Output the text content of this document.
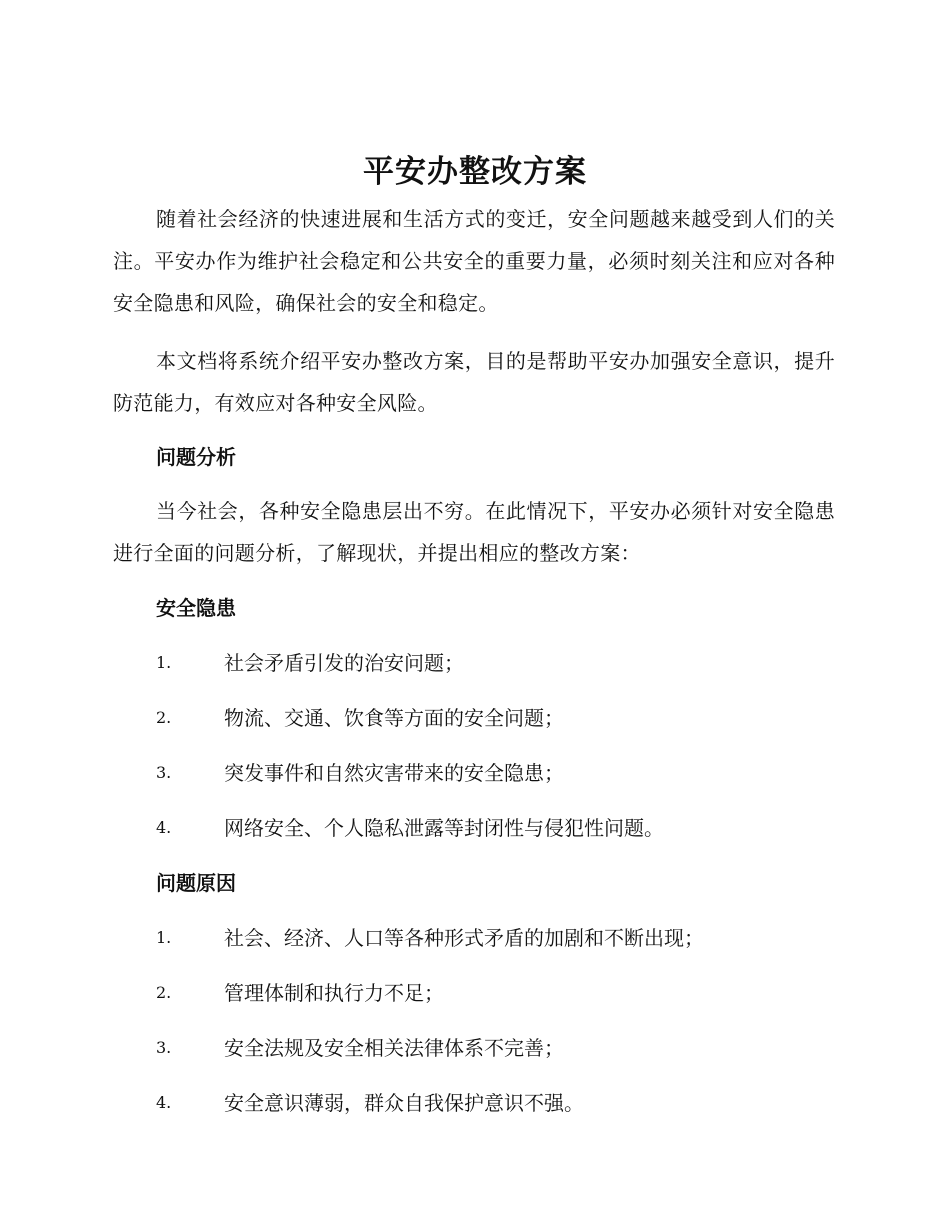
平安办整改方案

随着社会经济的快速进展和生活方式的变迁，安全问题越来越受到人们的关注。平安办作为维护社会稳定和公共安全的重要力量，必须时刻关注和应对各种安全隐患和风险，确保社会的安全和稳定。

本文档将系统介绍平安办整改方案，目的是帮助平安办加强安全意识，提升防范能力，有效应对各种安全风险。

问题分析

当今社会，各种安全隐患层出不穷。在此情况下，平安办必须针对安全隐患进行全面的问题分析，了解现状，并提出相应的整改方案：

安全隐患
1.	社会矛盾引发的治安问题；
2.	物流、交通、饮食等方面的安全问题；
3.	突发事件和自然灾害带来的安全隐患；
4.	网络安全、个人隐私泄露等封闭性与侵犯性问题。
问题原因
1.	社会、经济、人口等各种形式矛盾的加剧和不断出现；
2.	管理体制和执行力不足；
3.	安全法规及安全相关法律体系不完善；
4.	安全意识薄弱，群众自我保护意识不强。
